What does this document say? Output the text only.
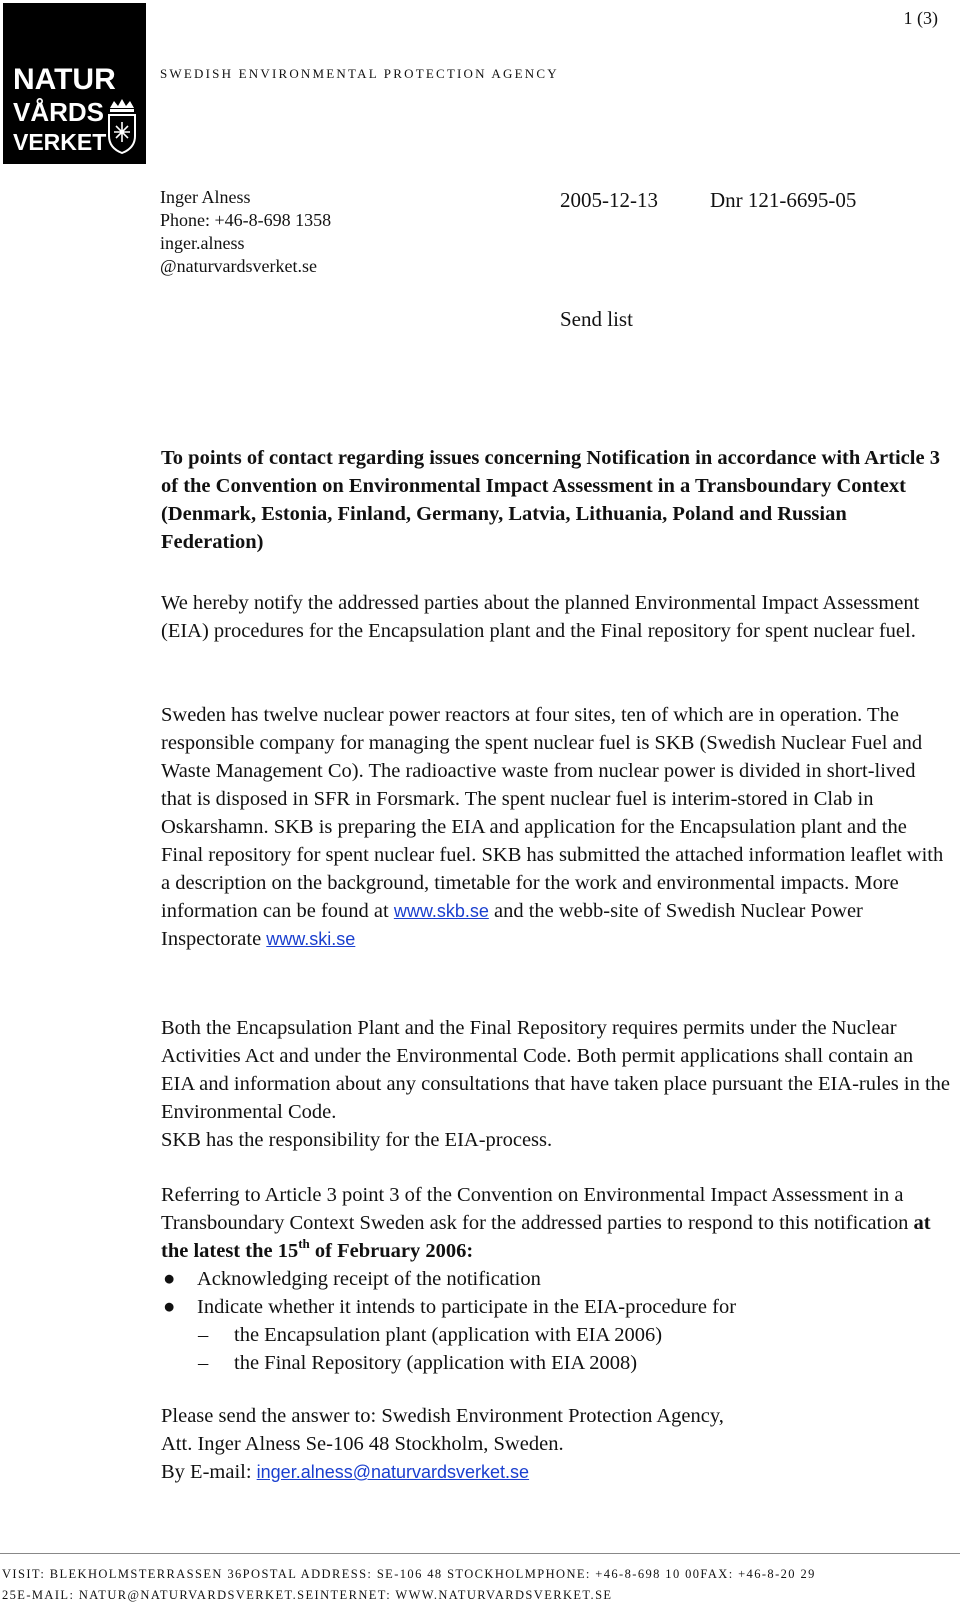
NATUR
VÅRDS
VERKET
1 (3)
SWEDISH ENVIRONMENTAL PROTECTION AGENCY
Inger Alness
Phone: +46-8-698 1358
inger.alness
@naturvardsverket.se
2005-12-13 Dnr 121-6695-05
Send list
To points of contact regarding issues concerning Notification in accordance with Article 3 of the Convention on Environmental Impact Assessment in a Transboundary Context (Denmark, Estonia, Finland, Germany, Latvia, Lithuania, Poland and Russian Federation)
We hereby notify the addressed parties about the planned Environmental Impact Assessment (EIA) procedures for the Encapsulation plant and the Final repository for spent nuclear fuel.
Sweden has twelve nuclear power reactors at four sites, ten of which are in operation. The responsible company for managing the spent nuclear fuel is SKB (Swedish Nuclear Fuel and Waste Management Co). The radioactive waste from nuclear power is divided in short-lived that is disposed in SFR in Forsmark. The spent nuclear fuel is interim-stored in Clab in Oskarshamn. SKB is preparing the EIA and application for the Encapsulation plant and the Final repository for spent nuclear fuel. SKB has submitted the attached information leaflet with a description on the background, timetable for the work and environmental impacts. More information can be found at www.skb.se and the webb-site of Swedish Nuclear Power Inspectorate www.ski.se
Both the Encapsulation Plant and the Final Repository requires permits under the Nuclear Activities Act and under the Environmental Code. Both permit applications shall contain an EIA and information about any consultations that have taken place pursuant the EIA-rules in the Environmental Code.
SKB has the responsibility for the EIA-process.
Referring to Article 3 point 3 of the Convention on Environmental Impact Assessment in a Transboundary Context Sweden ask for the addressed parties to respond to this notification at the latest the 15th of February 2006:
● Acknowledging receipt of the notification
● Indicate whether it intends to participate in the EIA-procedure for
– the Encapsulation plant (application with EIA 2006)
– the Final Repository (application with EIA 2008)
Please send the answer to: Swedish Environment Protection Agency,
Att. Inger Alness Se-106 48 Stockholm, Sweden.
By E-mail: inger.alness@naturvardsverket.se
VISIT: BLEKHOLMSTERRASSEN 36POSTAL ADDRESS: SE-106 48 STOCKHOLMPHONE: +46-8-698 10 00FAX: +46-8-20 29
25E-MAIL: NATUR@NATURVARDSVERKET.SEINTERNET: WWW.NATURVARDSVERKET.SE
